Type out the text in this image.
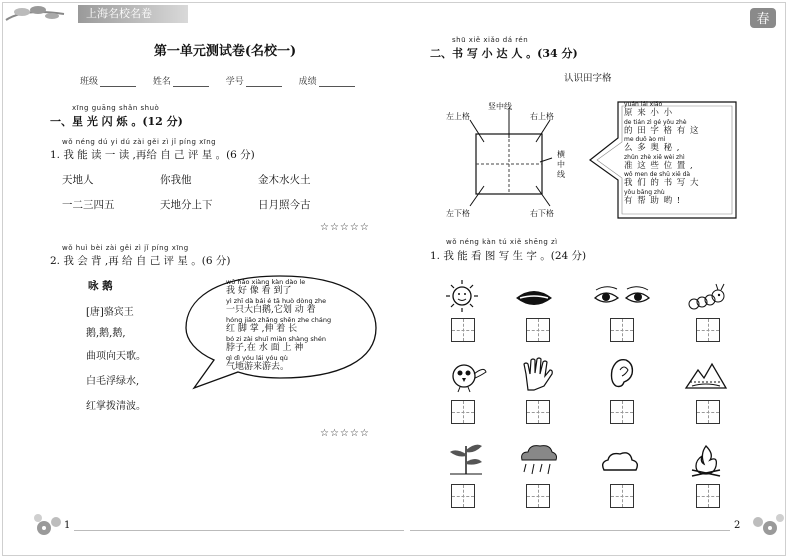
上海名校名卷	春
第一单元测试卷(名校一)
班级	姓名	学号	成绩
xīng guāng shǎn shuò
一、星 光 闪 烁 。(12 分)
wǒ néng dú yi dú zài gěi zì jǐ píng xīng
1. 我 能 读 一 读 ,再给 自 己 评 星 。(6 分)
天地人	你我他	金木水火土
一二三四五	天地分上下	日月照今古
☆☆☆☆☆
wǒ huì bèi zài gěi zì jǐ píng xīng
2. 我 会 背 ,再 给 自 己 评 星 。(6 分)
咏 鹅
[唐]骆宾王
鹅,鹅,鹅,
曲项向天歌。
白毛浮绿水,
红掌拨清波。
wǒ hǎo xiàng kàn dào le
我 好 像 看 到了
yì zhī dà bái é tā huò dòng zhe
一只大白鹅,它划 动 着
hóng jiǎo zhǎng shēn zhe cháng
红 脚 掌 ,伸 着 长
bó zi zài shuǐ miàn shàng shén
脖子,在 水 面 上 神
qì dì yóu lái yóu qù
气地游来游去。
☆☆☆☆☆
1
shū xiě xiǎo dá rén
二、书 写 小 达 人 。(34 分)
认识田字格
左上格
竖中线
右上格
横中线
左下格	右下格
yuán lái xiǎo
原 来 小 小
de tián zì gé yǒu zhè
的 田 字 格 有 这
me duō ào mì
么 多 奥 秘 ,
zhǔn zhè xiē wèi zhì
准 这 些 位 置 ,
wǒ men de shū xiě dà
我 们 的 书 写 大
yǒu bāng zhù
有 帮 助 哟 !
wǒ néng kàn tú xiě shēng zì
1. 我 能 看 图 写 生 字 。(24 分)
2
